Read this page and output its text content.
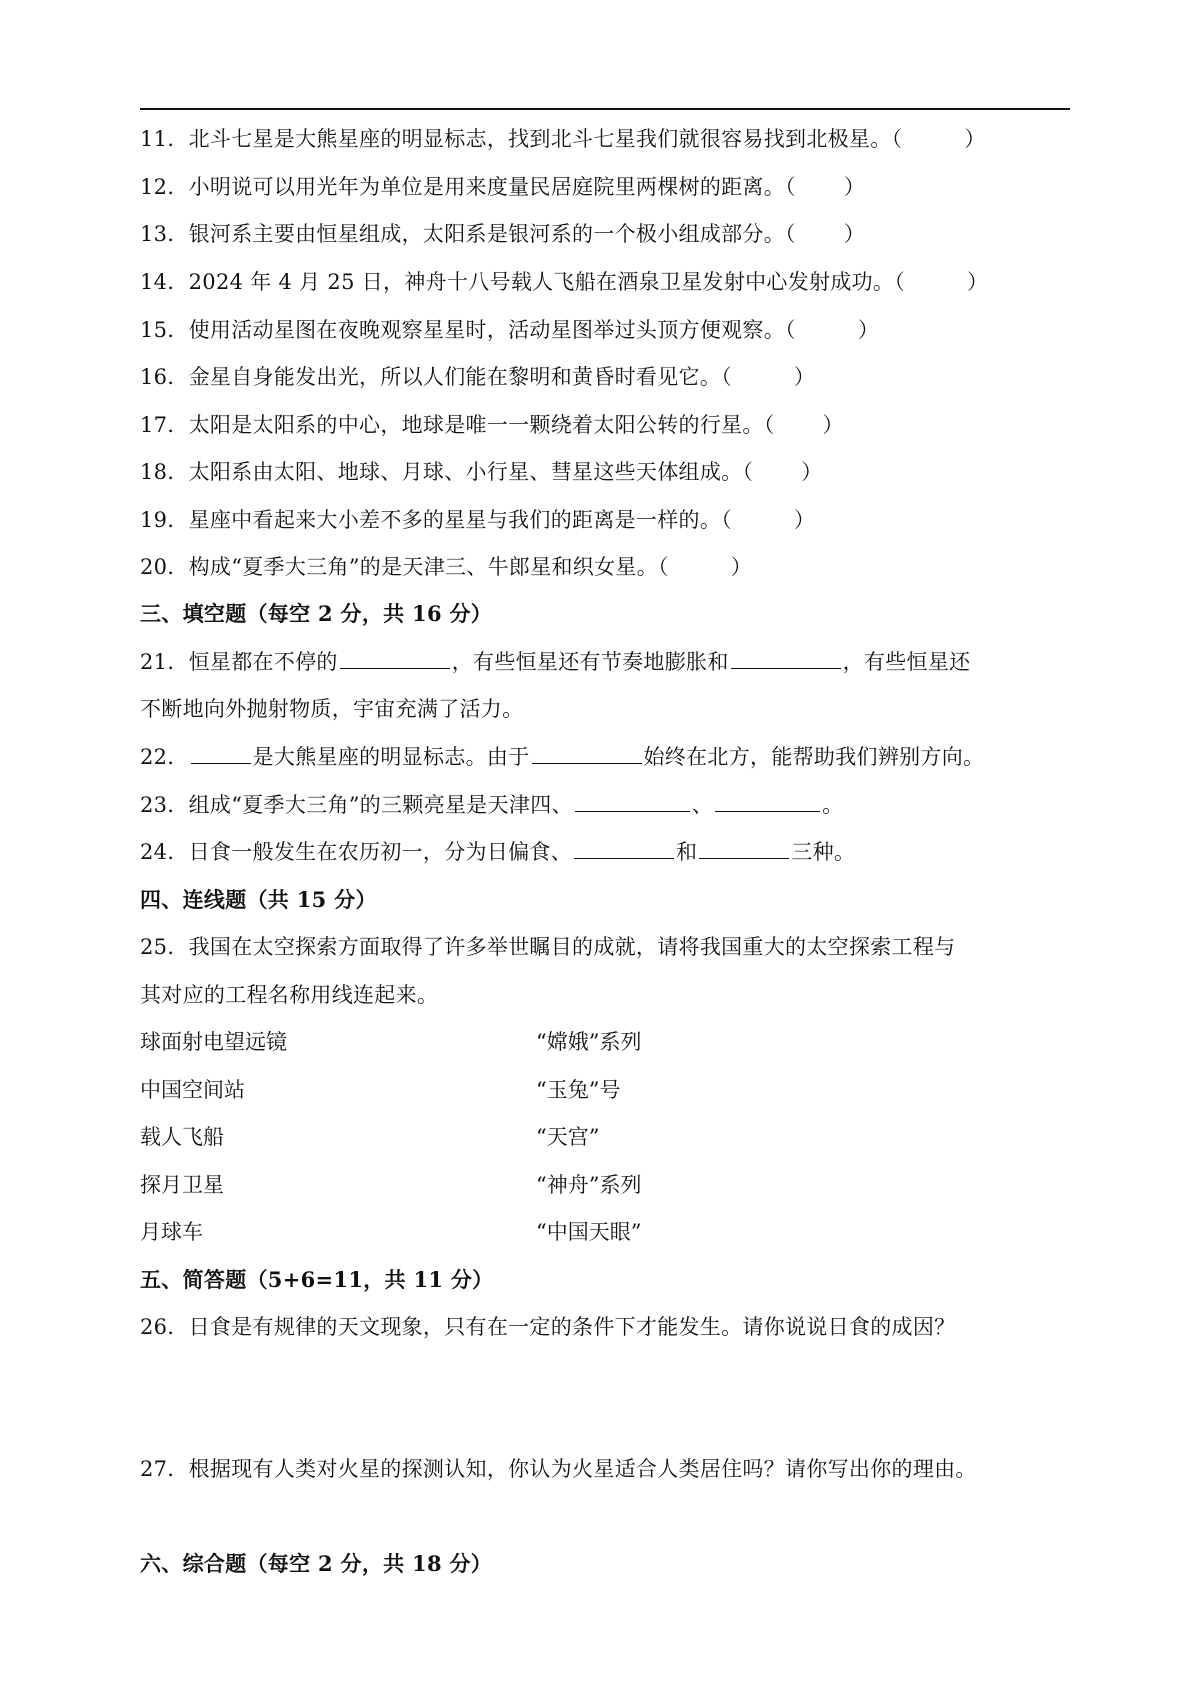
11．北斗七星是大熊星座的明显标志，找到北斗七星我们就很容易找到北极星。（	）
12．小明说可以用光年为单位是用来度量民居庭院里两棵树的距离。（ ）
13．银河系主要由恒星组成，太阳系是银河系的一个极小组成部分。（ ）
14．2024 年 4 月 25 日，神舟十八号载人飞船在酒泉卫星发射中心发射成功。（	）
15．使用活动星图在夜晚观察星星时，活动星图举过头顶方便观察。（	）
16．金星自身能发出光，所以人们能在黎明和黄昏时看见它。（	）
17．太阳是太阳系的中心，地球是唯一一颗绕着太阳公转的行星。（ ）
18．太阳系由太阳、地球、月球、小行星、彗星这些天体组成。（ ）
19．星座中看起来大小差不多的星星与我们的距离是一样的。（	）
20．构成“夏季大三角”的是天津三、牛郎星和织女星。（	）
三、填空题（每空 2 分，共 16 分）
21．恒星都在不停的	，有些恒星还有节奏地膨胀和	，有些恒星还
不断地向外抛射物质，宇宙充满了活力。
22．	是大熊星座的明显标志。由于	始终在北方，能帮助我们辨别方向。
23．组成“夏季大三角”的三颗亮星是天津四、	、	。
24．日食一般发生在农历初一，分为日偏食、	和	三种。
四、连线题（共 15 分）
25．我国在太空探索方面取得了许多举世瞩目的成就，请将我国重大的太空探索工程与
其对应的工程名称用线连起来。
球面射电望远镜	“嫦娥”系列
中国空间站	“玉兔”号
载人飞船	“天宫”
探月卫星	“神舟”系列
月球车	“中国天眼”
五、简答题（5+6=11，共 11 分）
26．日食是有规律的天文现象，只有在一定的条件下才能发生。请你说说日食的成因？
27．根据现有人类对火星的探测认知，你认为火星适合人类居住吗？请你写出你的理由。
六、综合题（每空 2 分，共 18 分）
